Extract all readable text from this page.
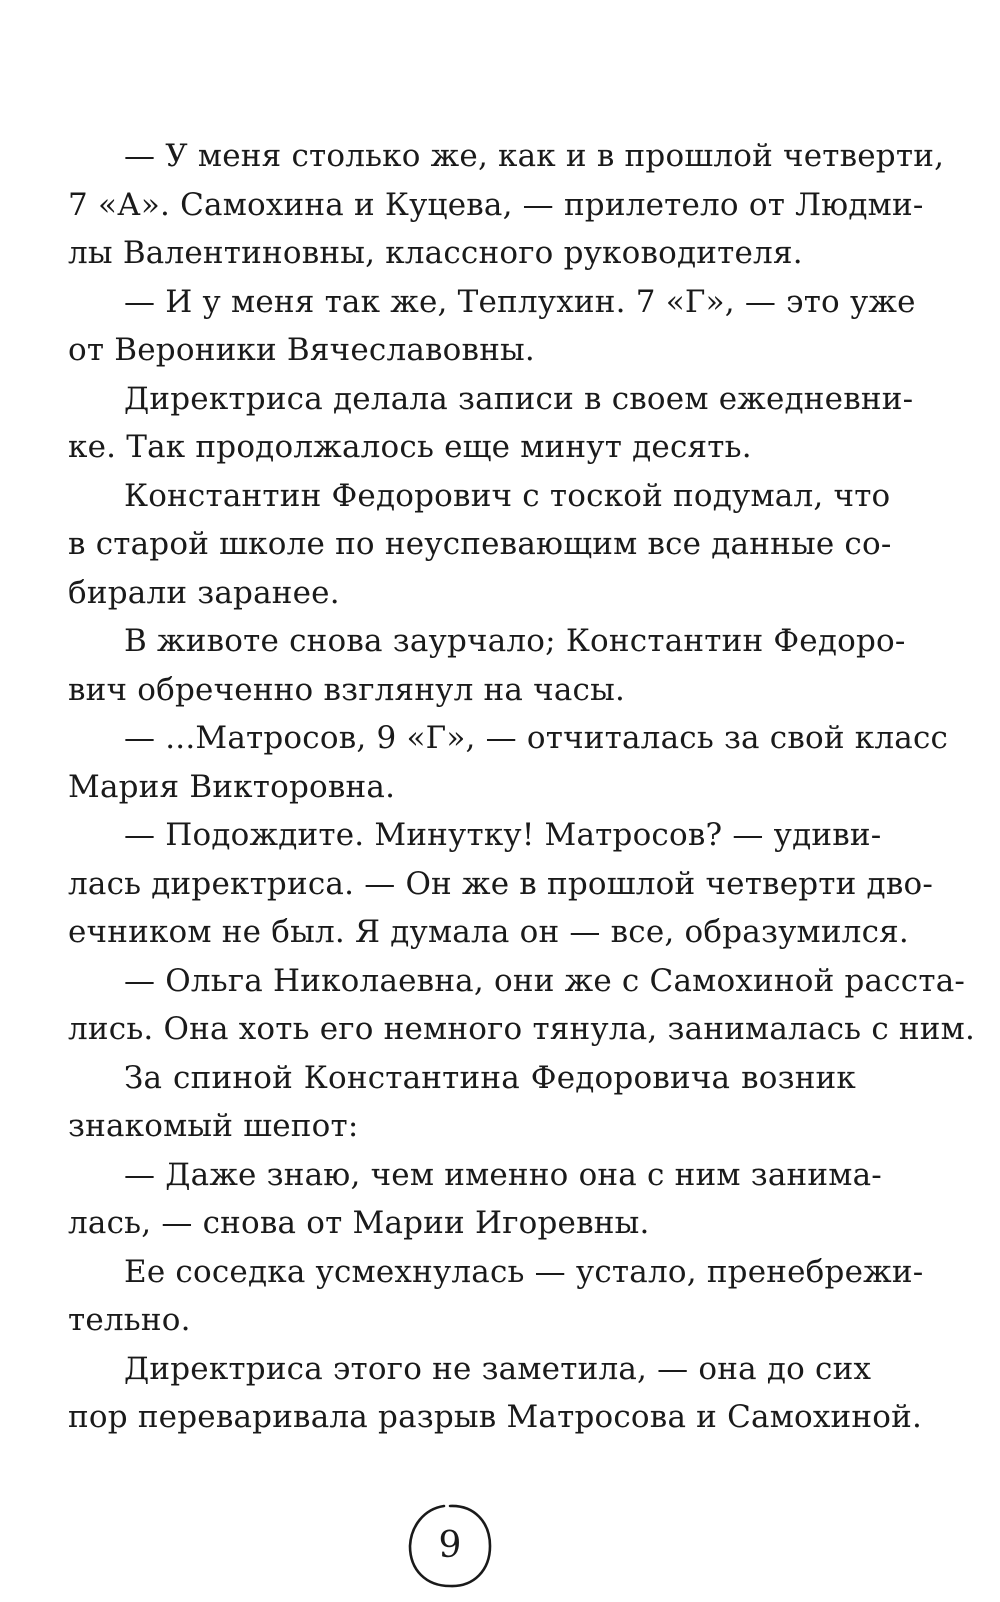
— У меня столько же, как и в прошлой четверти,
7 «А». Самохина и Куцева, — прилетело от Людми-
лы Валентиновны, классного руководителя.

— И у меня так же, Теплухин. 7 «Г», — это уже
от Вероники Вячеславовны.

Директриса делала записи в своем ежедневни-
ке. Так продолжалось еще минут десять.

Константин Федорович с тоской подумал, что
в старой школе по неуспевающим все данные со-
бирали заранее.

В животе снова заурчало; Константин Федоро-
вич обреченно взглянул на часы.

— ...Матросов, 9 «Г», — отчиталась за свой класс
Мария Викторовна.

— Подождите. Минутку! Матросов? — удиви-
лась директриса. — Он же в прошлой четверти дво-
ечником не был. Я думала он — все, образумился.

— Ольга Николаевна, они же с Самохиной расста-
лись. Она хоть его немного тянула, занималась с ним.

За спиной Константина Федоровича возник
знакомый шепот:

— Даже знаю, чем именно она с ним занима-
лась, — снова от Марии Игоревны.

Ее соседка усмехнулась — устало, пренебрежи-
тельно.

Директриса этого не заметила, — она до сих
пор переваривала разрыв Матросова и Самохиной.

9
